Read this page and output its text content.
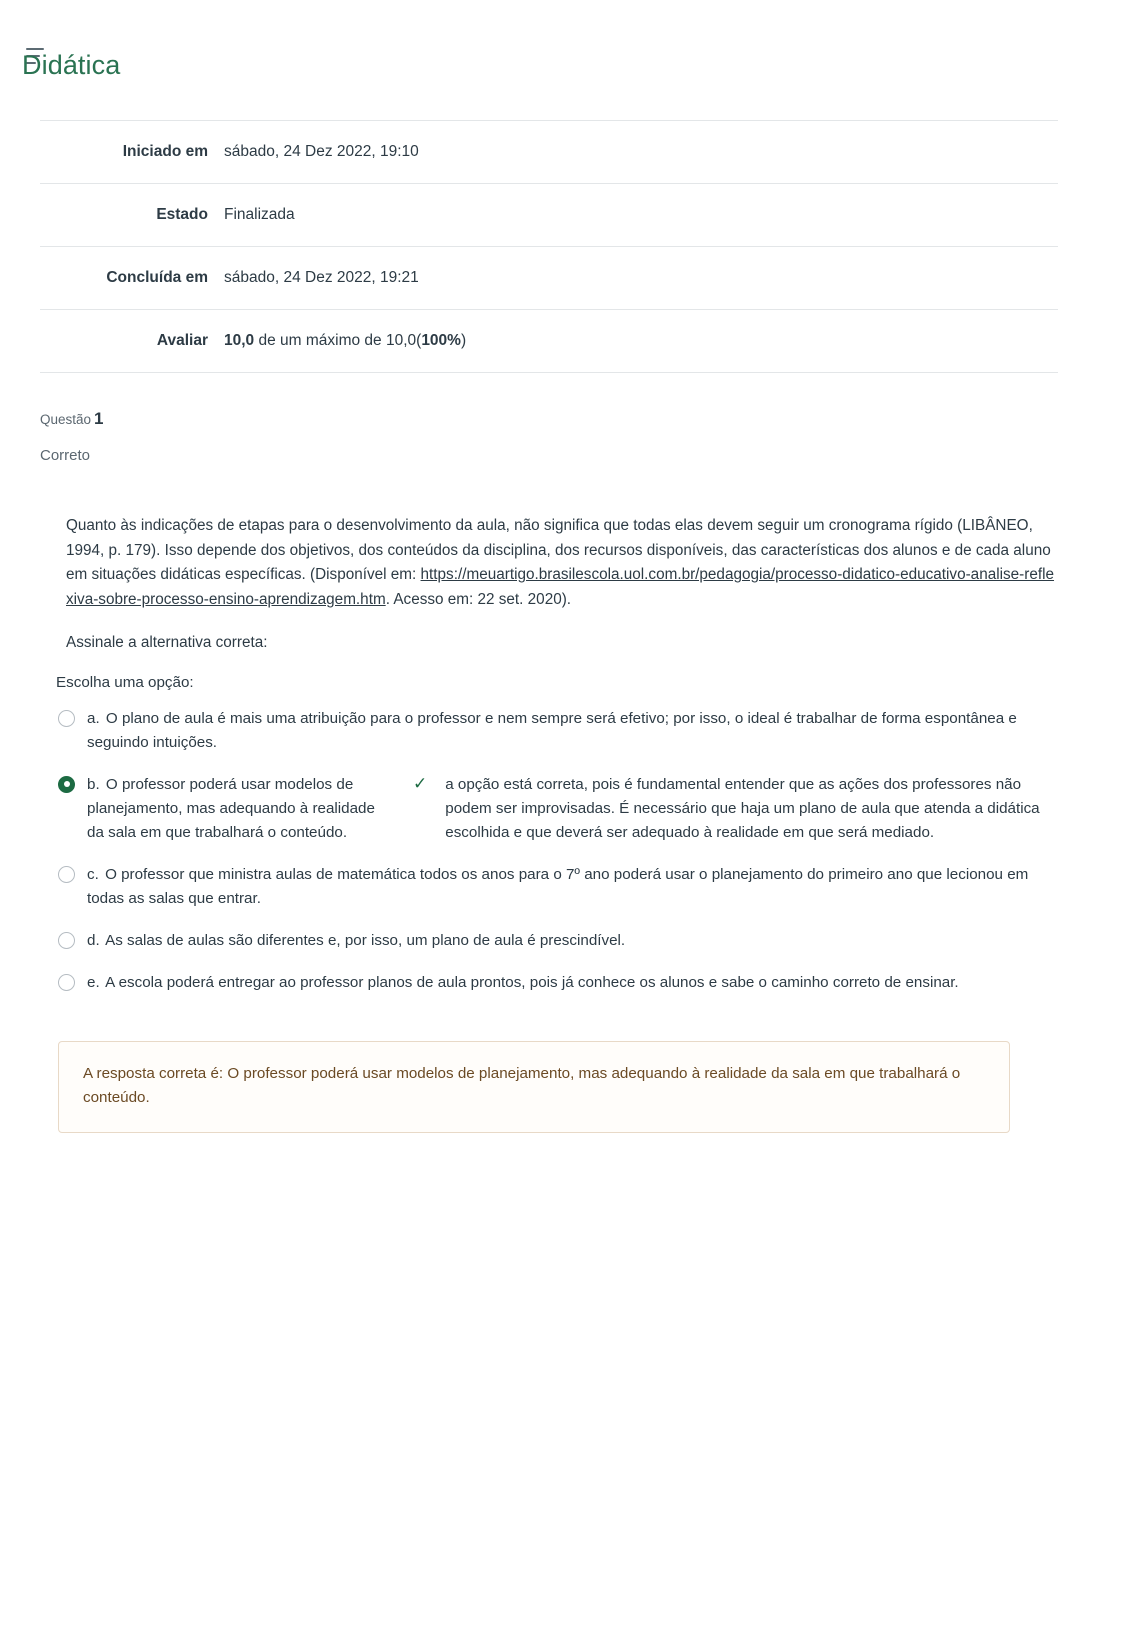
Didática
Iniciado em	sábado, 24 Dez 2022, 19:10
Estado	Finalizada
Concluída em	sábado, 24 Dez 2022, 19:21
Avaliar	10,0 de um máximo de 10,0(100%)
Questão 1
Correto

Quanto às indicações de etapas para o desenvolvimento da aula, não significa que todas elas devem seguir um cronograma rígido (LIBÂNEO, 1994, p. 179). Isso depende dos objetivos, dos conteúdos da disciplina, dos recursos disponíveis, das características dos alunos e de cada aluno em situações didáticas específicas. (Disponível em: https://meuartigo.brasilescola.uol.com.br/pedagogia/processo-didatico-educativo-analise-reflexiva-sobre-processo-ensino-aprendizagem.htm. Acesso em: 22 set. 2020).

Assinale a alternativa correta:

Escolha uma opção:
a. O plano de aula é mais uma atribuição para o professor e nem sempre será efetivo; por isso, o ideal é trabalhar de forma espontânea e seguindo intuições.
b. O professor poderá usar modelos de planejamento, mas adequando à realidade da sala em que trabalhará o conteúdo.
✓ a opção está correta, pois é fundamental entender que as ações dos professores não podem ser improvisadas. É necessário que haja um plano de aula que atenda a didática escolhida e que deverá ser adequado à realidade em que será mediado.
c. O professor que ministra aulas de matemática todos os anos para o 7º ano poderá usar o planejamento do primeiro ano que lecionou em todas as salas que entrar.
d. As salas de aulas são diferentes e, por isso, um plano de aula é prescindível.
e. A escola poderá entregar ao professor planos de aula prontos, pois já conhece os alunos e sabe o caminho correto de ensinar.
A resposta correta é: O professor poderá usar modelos de planejamento, mas adequando à realidade da sala em que trabalhará o conteúdo.
